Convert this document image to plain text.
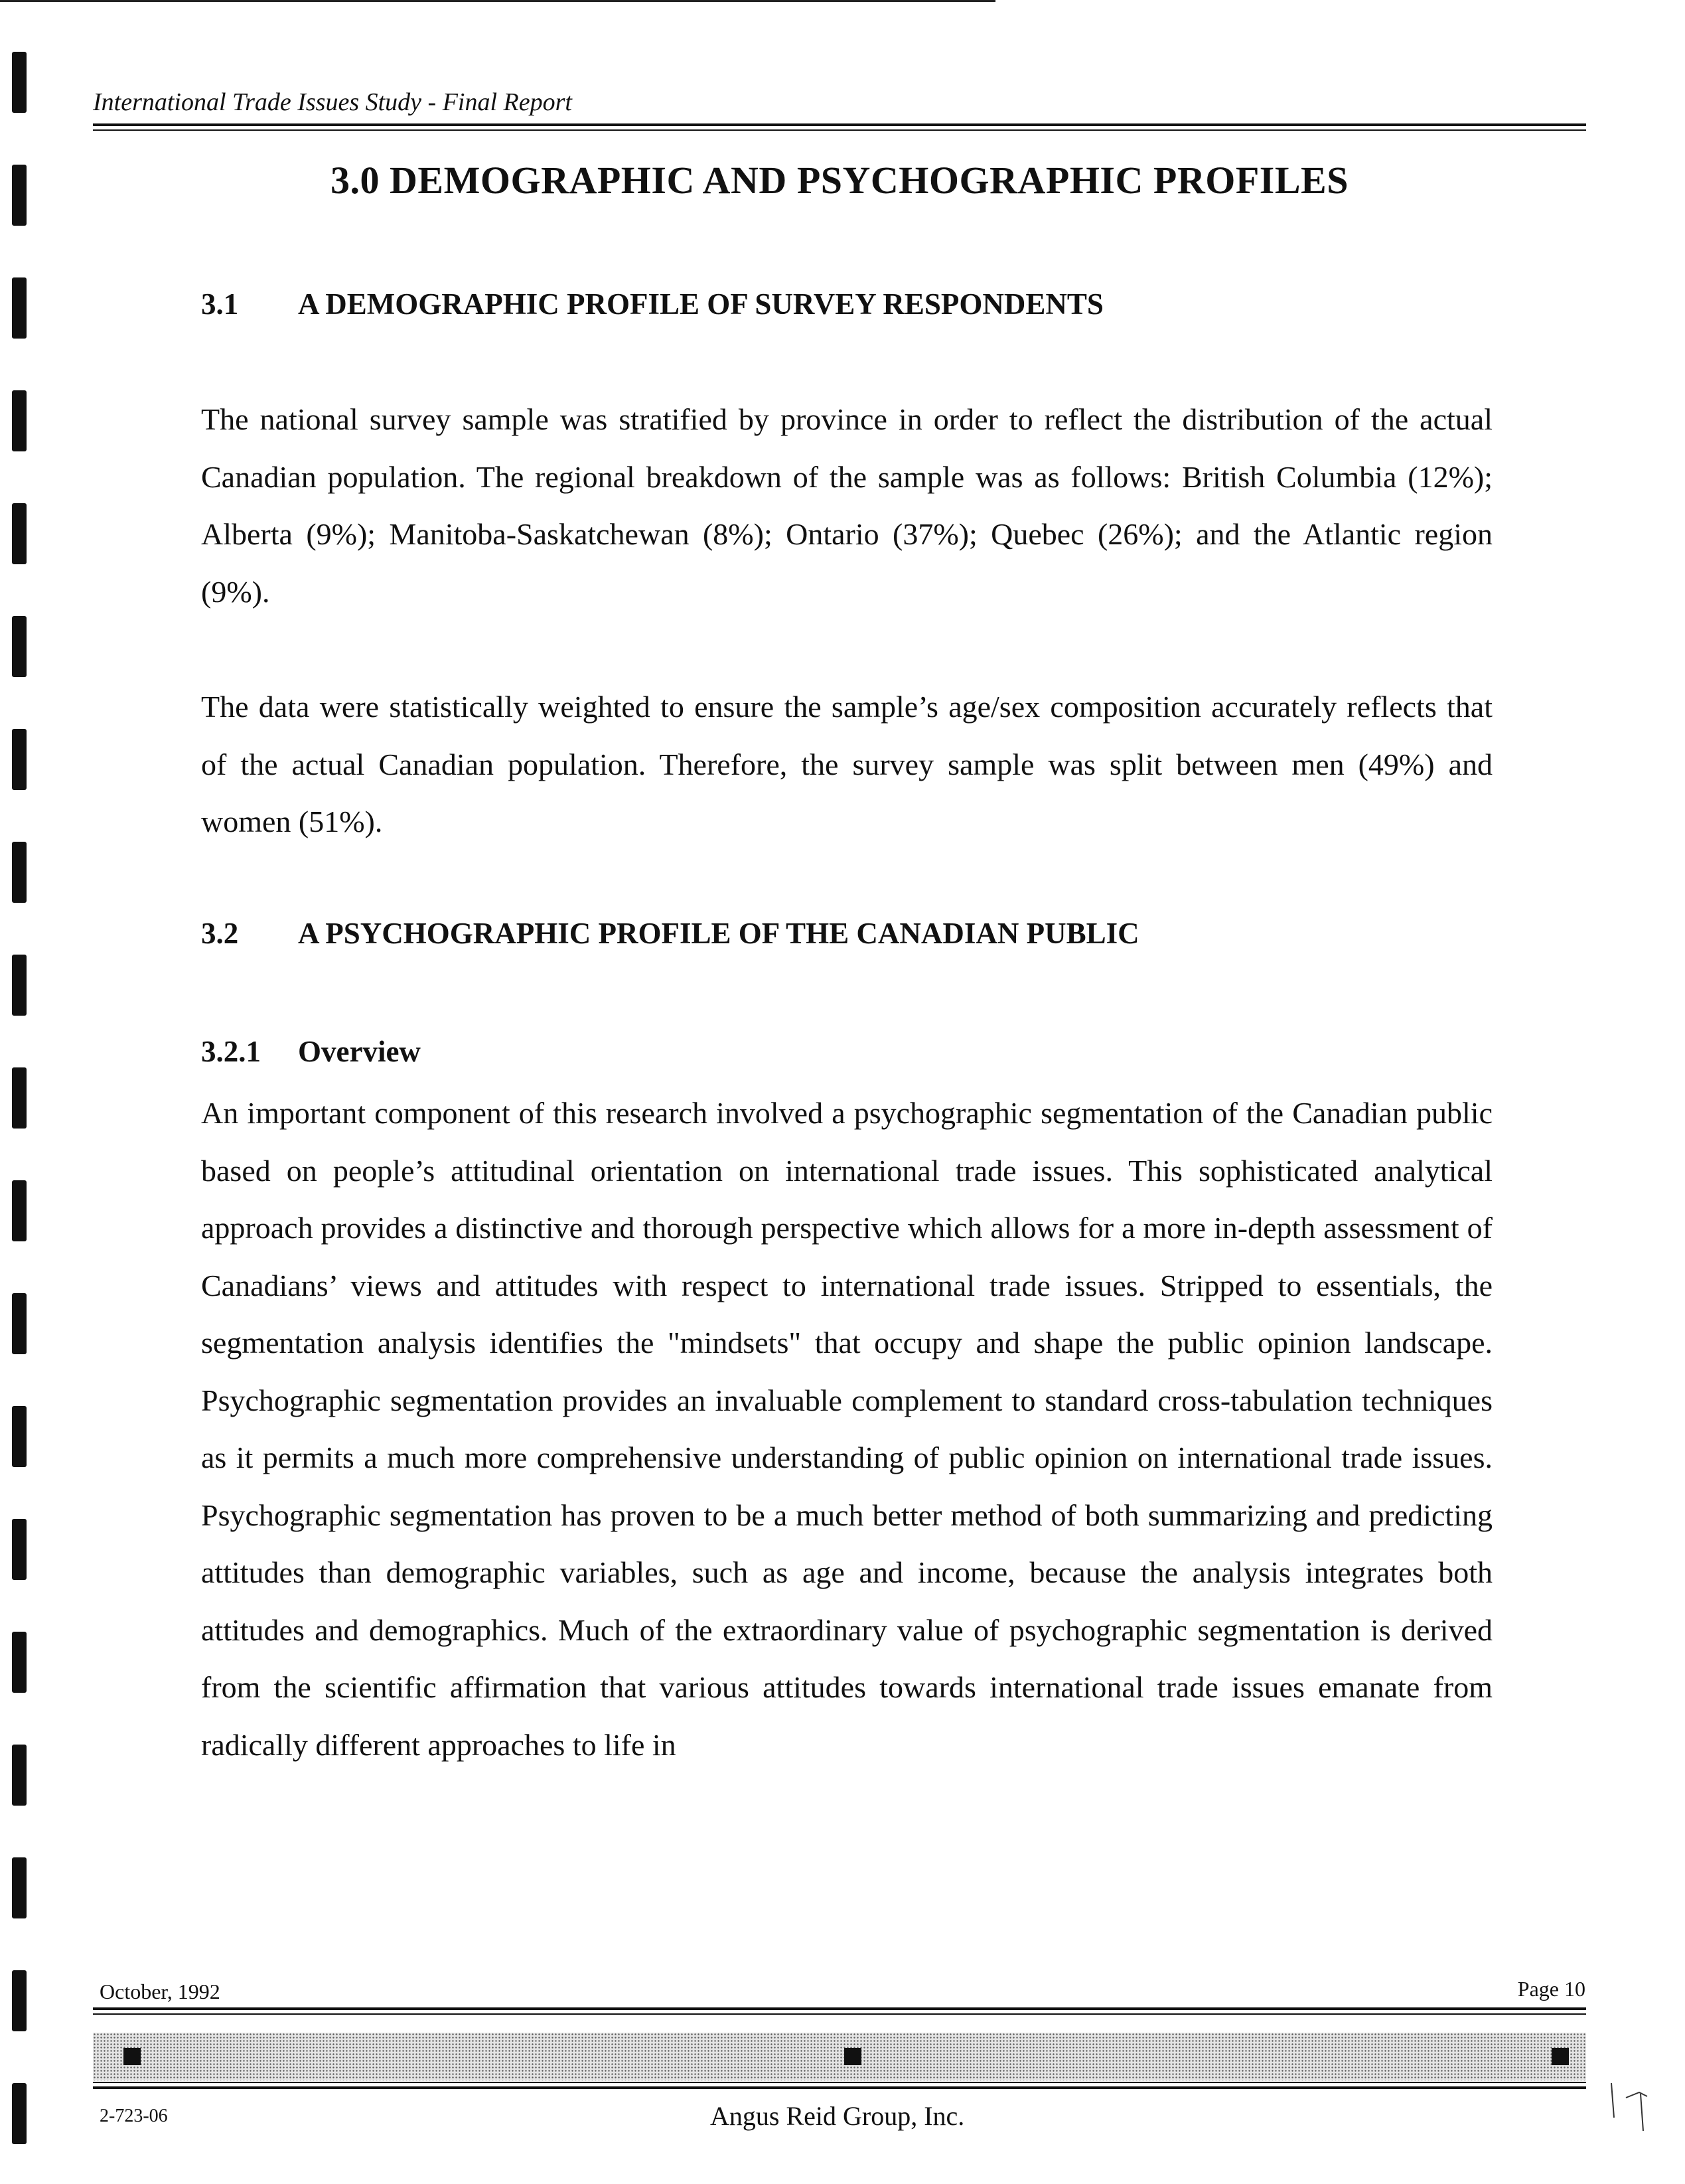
International Trade Issues Study - Final Report
3.0 DEMOGRAPHIC AND PSYCHOGRAPHIC PROFILES
3.1 A DEMOGRAPHIC PROFILE OF SURVEY RESPONDENTS
The national survey sample was stratified by province in order to reflect the distribution of the actual Canadian population. The regional breakdown of the sample was as follows: British Columbia (12%); Alberta (9%); Manitoba-Saskatchewan (8%); Ontario (37%); Quebec (26%); and the Atlantic region (9%).
The data were statistically weighted to ensure the sample’s age/sex composition accurately reflects that of the actual Canadian population. Therefore, the survey sample was split between men (49%) and women (51%).
3.2 A PSYCHOGRAPHIC PROFILE OF THE CANADIAN PUBLIC
3.2.1 Overview
An important component of this research involved a psychographic segmentation of the Canadian public based on people’s attitudinal orientation on international trade issues. This sophisticated analytical approach provides a distinctive and thorough perspective which allows for a more in-depth assessment of Canadians’ views and attitudes with respect to international trade issues. Stripped to essentials, the segmentation analysis identifies the "mindsets" that occupy and shape the public opinion landscape. Psychographic segmentation provides an invaluable complement to standard cross-tabulation techniques as it permits a much more comprehensive understanding of public opinion on international trade issues. Psychographic segmentation has proven to be a much better method of both summarizing and predicting attitudes than demographic variables, such as age and income, because the analysis integrates both attitudes and demographics. Much of the extraordinary value of psychographic segmentation is derived from the scientific affirmation that various attitudes towards international trade issues emanate from radically different approaches to life in
October, 1992	Page 10
2-723-06	Angus Reid Group, Inc.
